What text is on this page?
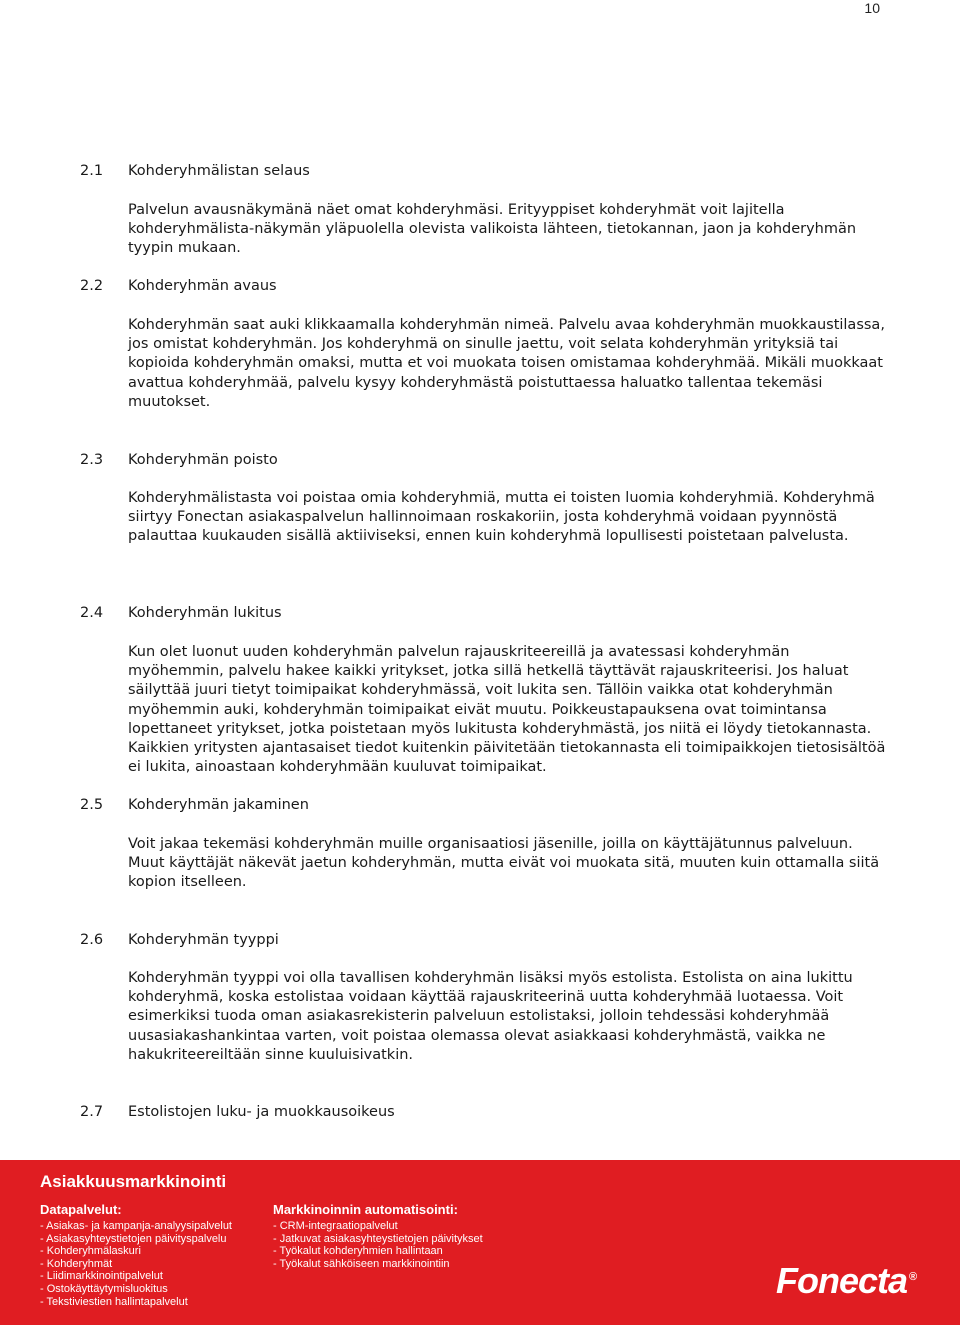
10
2.1 Kohderyhmälistan selaus
Palvelun avausnäkymänä näet omat kohderyhmäsi. Erityyppiset kohderyhmät voit lajitella kohderyhmälista-näkymän yläpuolella olevista valikoista lähteen, tietokannan, jaon ja kohderyhmän tyypin mukaan.
2.2 Kohderyhmän avaus
Kohderyhmän saat auki klikkaamalla kohderyhmän nimeä. Palvelu avaa kohderyhmän muokkaustilassa, jos omistat kohderyhmän. Jos kohderyhmä on sinulle jaettu, voit selata kohderyhmän yrityksiä tai kopioida kohderyhmän omaksi, mutta et voi muokata toisen omistamaa kohderyhmää. Mikäli muokkaat avattua kohderyhmää, palvelu kysyy kohderyhmästä poistuttaessa haluatko tallentaa tekemäsi muutokset.
2.3 Kohderyhmän poisto
Kohderyhmälistasta voi poistaa omia kohderyhmiä, mutta ei toisten luomia kohderyhmiä. Kohderyhmä siirtyy Fonectan asiakaspalvelun hallinnoimaan roskakoriin, josta kohderyhmä voidaan pyynnöstä palauttaa kuukauden sisällä aktiiviseksi, ennen kuin kohderyhmä lopullisesti poistetaan palvelusta.
2.4 Kohderyhmän lukitus
Kun olet luonut uuden kohderyhmän palvelun rajauskriteereillä ja avatessasi kohderyhmän myöhemmin, palvelu hakee kaikki yritykset, jotka sillä hetkellä täyttävät rajauskriteerisi. Jos haluat säilyttää juuri tietyt toimipaikat kohderyhmässä, voit lukita sen. Tällöin vaikka otat kohderyhmän myöhemmin auki, kohderyhmän toimipaikat eivät muutu. Poikkeustapauksena ovat toimintansa lopettaneet yritykset, jotka poistetaan myös lukitusta kohderyhmästä, jos niitä ei löydy tietokannasta. Kaikkien yritysten ajantasaiset tiedot kuitenkin päivitetään tietokannasta eli toimipaikkojen tietosisältöä ei lukita, ainoastaan kohderyhmään kuuluvat toimipaikat.
2.5 Kohderyhmän jakaminen
Voit jakaa tekemäsi kohderyhmän muille organisaatiosi jäsenille, joilla on käyttäjätunnus palveluun. Muut käyttäjät näkevät jaetun kohderyhmän, mutta eivät voi muokata sitä, muuten kuin ottamalla siitä kopion itselleen.
2.6 Kohderyhmän tyyppi
Kohderyhmän tyyppi voi olla tavallisen kohderyhmän lisäksi myös estolista. Estolista on aina lukittu kohderyhmä, koska estolistaa voidaan käyttää rajauskriteerinä uutta kohderyhmää luotaessa. Voit esimerkiksi tuoda oman asiakasrekisterin palveluun estolistaksi, jolloin tehdessäsi kohderyhmää uusasiakashankintaa varten, voit poistaa olemassa olevat asiakkaasi kohderyhmästä, vaikka ne hakukriteereiltään sinne kuuluisivatkin.
2.7 Estolistojen luku- ja muokkausoikeus
Asiakkuusmarkkinointi
Datapalvelut:
- Asiakas- ja kampanja-analyysipalvelut
- Asiakasyhteystietojen päivityspalvelu
- Kohderyhmälaskuri
- Kohderyhmät
- Liidimarkkinointipalvelut
- Ostokäyttäytymisluokitus
- Tekstiviestien hallintapalvelut
Markkinoinnin automatisointi:
- CRM-integraatiopalvelut
- Jatkuvat asiakasyhteystietojen päivitykset
- Työkalut kohderyhmien hallintaan
- Työkalut sähköiseen markkinointiin	Fonecta ®
